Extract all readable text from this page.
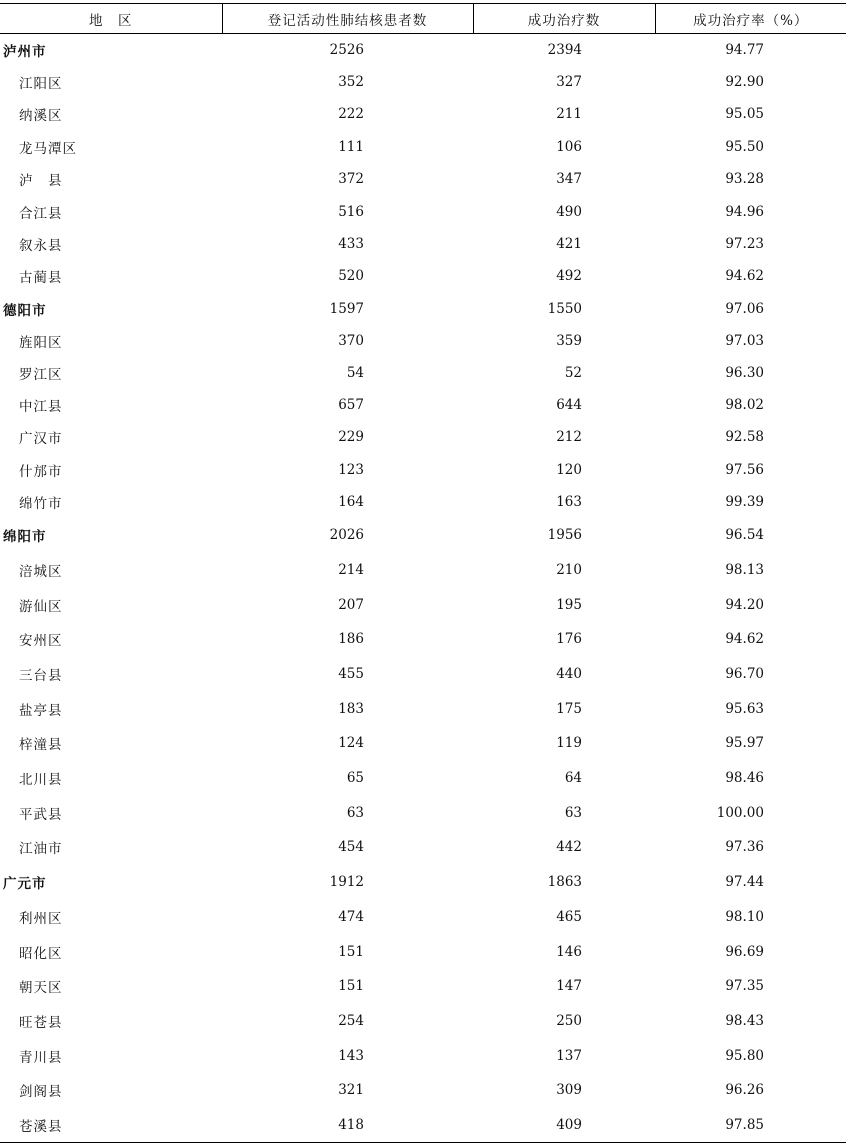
地　区	登记活动性肺结核患者数	成功治疗数	成功治疗率（%）
泸州市	2526	2394	94.77
江阳区	352	327	92.90
纳溪区	222	211	95.05
龙马潭区	111	106	95.50
泸　县	372	347	93.28
合江县	516	490	94.96
叙永县	433	421	97.23
古蔺县	520	492	94.62
德阳市	1597	1550	97.06
旌阳区	370	359	97.03
罗江区	54	52	96.30
中江县	657	644	98.02
广汉市	229	212	92.58
什邡市	123	120	97.56
绵竹市	164	163	99.39
绵阳市	2026	1956	96.54
涪城区	214	210	98.13
游仙区	207	195	94.20
安州区	186	176	94.62
三台县	455	440	96.70
盐亭县	183	175	95.63
梓潼县	124	119	95.97
北川县	65	64	98.46
平武县	63	63	100.00
江油市	454	442	97.36
广元市	1912	1863	97.44
利州区	474	465	98.10
昭化区	151	146	96.69
朝天区	151	147	97.35
旺苍县	254	250	98.43
青川县	143	137	95.80
剑阁县	321	309	96.26
苍溪县	418	409	97.85
